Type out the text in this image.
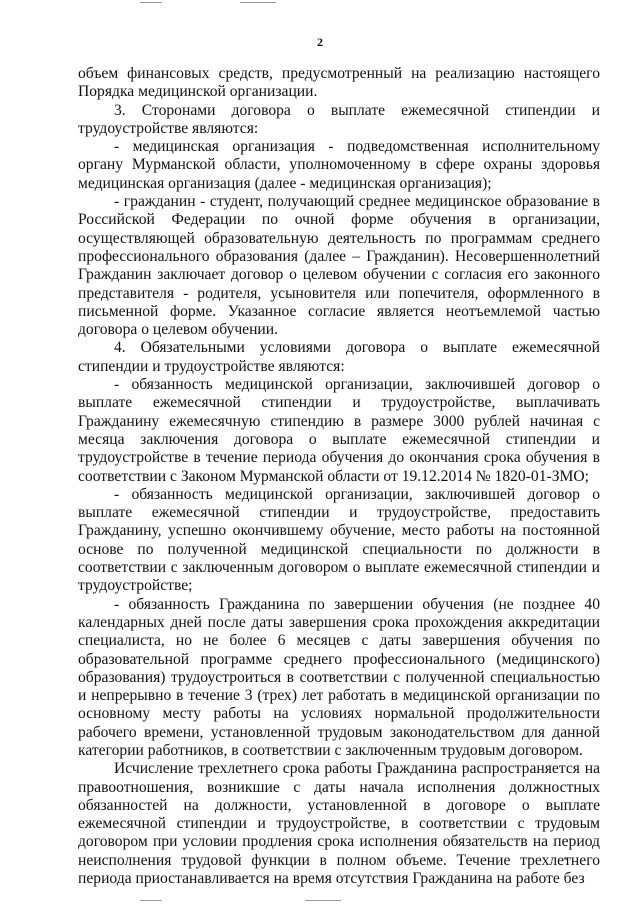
2

объем финансовых средств, предусмотренный на реализацию настоящего Порядка медицинской организации.

3. Сторонами договора о выплате ежемесячной стипендии и трудоустройстве являются:

- медицинская организация - подведомственная исполнительному органу Мурманской области, уполномоченному в сфере охраны здоровья медицинская организация (далее - медицинская организация);

- гражданин - студент, получающий среднее медицинское образование в Российской Федерации по очной форме обучения в организации, осуществляющей образовательную деятельность по программам среднего профессионального образования (далее – Гражданин). Несовершеннолетний Гражданин заключает договор о целевом обучении с согласия его законного представителя - родителя, усыновителя или попечителя, оформленного в письменной форме. Указанное согласие является неотъемлемой частью договора о целевом обучении.

4. Обязательными условиями договора о выплате ежемесячной стипендии и трудоустройстве являются:

- обязанность медицинской организации, заключившей договор о выплате ежемесячной стипендии и трудоустройстве, выплачивать Гражданину ежемесячную стипендию в размере 3000 рублей начиная с месяца заключения договора о выплате ежемесячной стипендии и трудоустройстве в течение периода обучения до окончания срока обучения в соответствии с Законом Мурманской области от 19.12.2014 № 1820-01-ЗМО;

- обязанность медицинской организации, заключившей договор о выплате ежемесячной стипендии и трудоустройстве, предоставить Гражданину, успешно окончившему обучение, место работы на постоянной основе по полученной медицинской специальности по должности в соответствии с заключенным договором о выплате ежемесячной стипендии и трудоустройстве;

- обязанность Гражданина по завершении обучения (не позднее 40 календарных дней после даты завершения срока прохождения аккредитации специалиста, но не более 6 месяцев с даты завершения обучения по образовательной программе среднего профессионального (медицинского) образования) трудоустроиться в соответствии с полученной специальностью и непрерывно в течение 3 (трех) лет работать в медицинской организации по основному месту работы на условиях нормальной продолжительности рабочего времени, установленной трудовым законодательством для данной категории работников, в соответствии с заключенным трудовым договором.

Исчисление трехлетнего срока работы Гражданина распространяется на правоотношения, возникшие с даты начала исполнения должностных обязанностей на должности, установленной в договоре о выплате ежемесячной стипендии и трудоустройстве, в соответствии с трудовым договором при условии продления срока исполнения обязательств на период неисполнения трудовой функции в полном объеме. Течение трехлетнего периода приостанавливается на время отсутствия Гражданина на работе без
